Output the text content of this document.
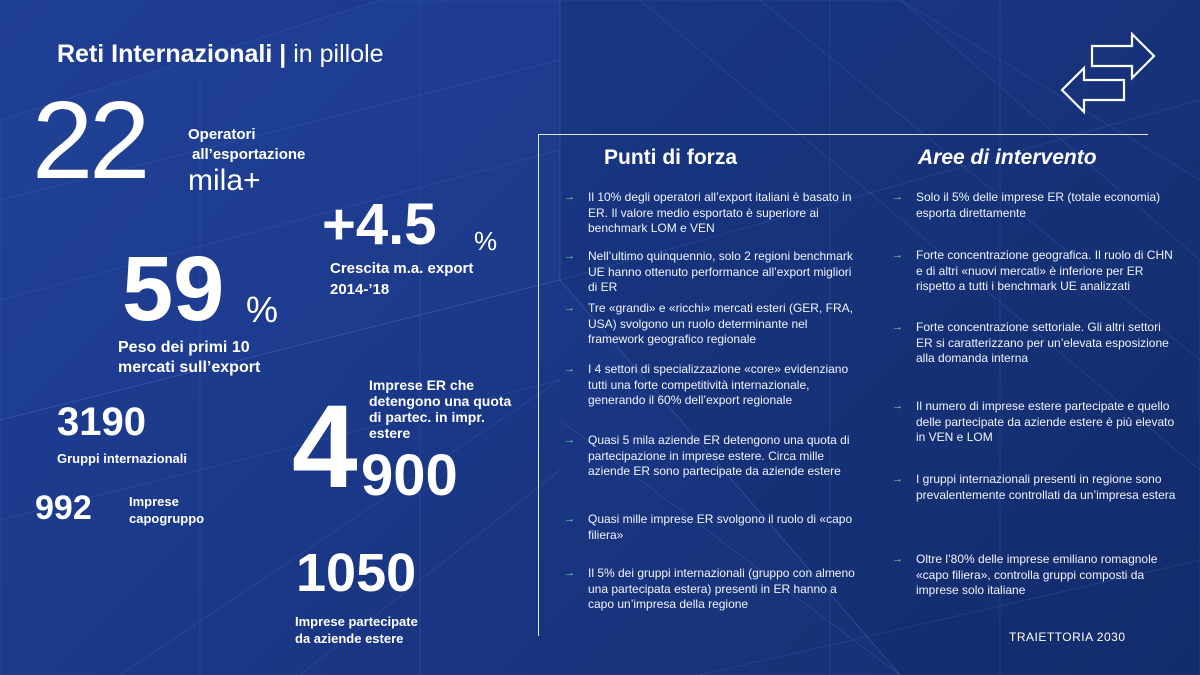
Reti Internazionali | in pillole
22	Operatori
all’esportazione
mila+
+4.5 %
Crescita m.a. export
2014-’18
59 %
Peso dei primi 10
mercati sull’export
3190
Gruppi internazionali
992	Imprese
capogruppo
Imprese ER che
detengono una quota
di partec. in impr.
estere
4 900
1050
Imprese partecipate
da aziende estere
Punti di forza	Aree di intervento
→ Il 10% degli operatori all’export italiani è basato in ER. Il valore medio esportato è superiore ai benchmark LOM e VEN
→ Nell’ultimo quinquennio, solo 2 regioni benchmark UE hanno ottenuto performance all’export migliori di ER
→ Tre «grandi» e «ricchi» mercati esteri (GER, FRA, USA) svolgono un ruolo determinante nel framework geografico regionale
→ I 4 settori di specializzazione «core» evidenziano tutti una forte competitività internazionale, generando il 60% dell’export regionale
→ Quasi 5 mila aziende ER detengono una quota di partecipazione in imprese estere. Circa mille aziende ER sono partecipate da aziende estere
→ Quasi mille imprese ER svolgono il ruolo di «capo filiera»
→ Il 5% dei gruppi internazionali (gruppo con almeno una partecipata estera) presenti in ER hanno a capo un’impresa della regione
→ Solo il 5% delle imprese ER (totale economia) esporta direttamente
→ Forte concentrazione geografica. Il ruolo di CHN e di altri «nuovi mercati» è inferiore per ER rispetto a tutti i benchmark UE analizzati
→ Forte concentrazione settoriale. Gli altri settori ER si caratterizzano per un’elevata esposizione alla domanda interna
→ Il numero di imprese estere partecipate e quello delle partecipate da aziende estere è più elevato in VEN e LOM
→ I gruppi internazionali presenti in regione sono prevalentemente controllati da un’impresa estera
→ Oltre l’80% delle imprese emiliano romagnole «capo filiera», controlla gruppi composti da imprese solo italiane
TRAIETTORIA 2030
